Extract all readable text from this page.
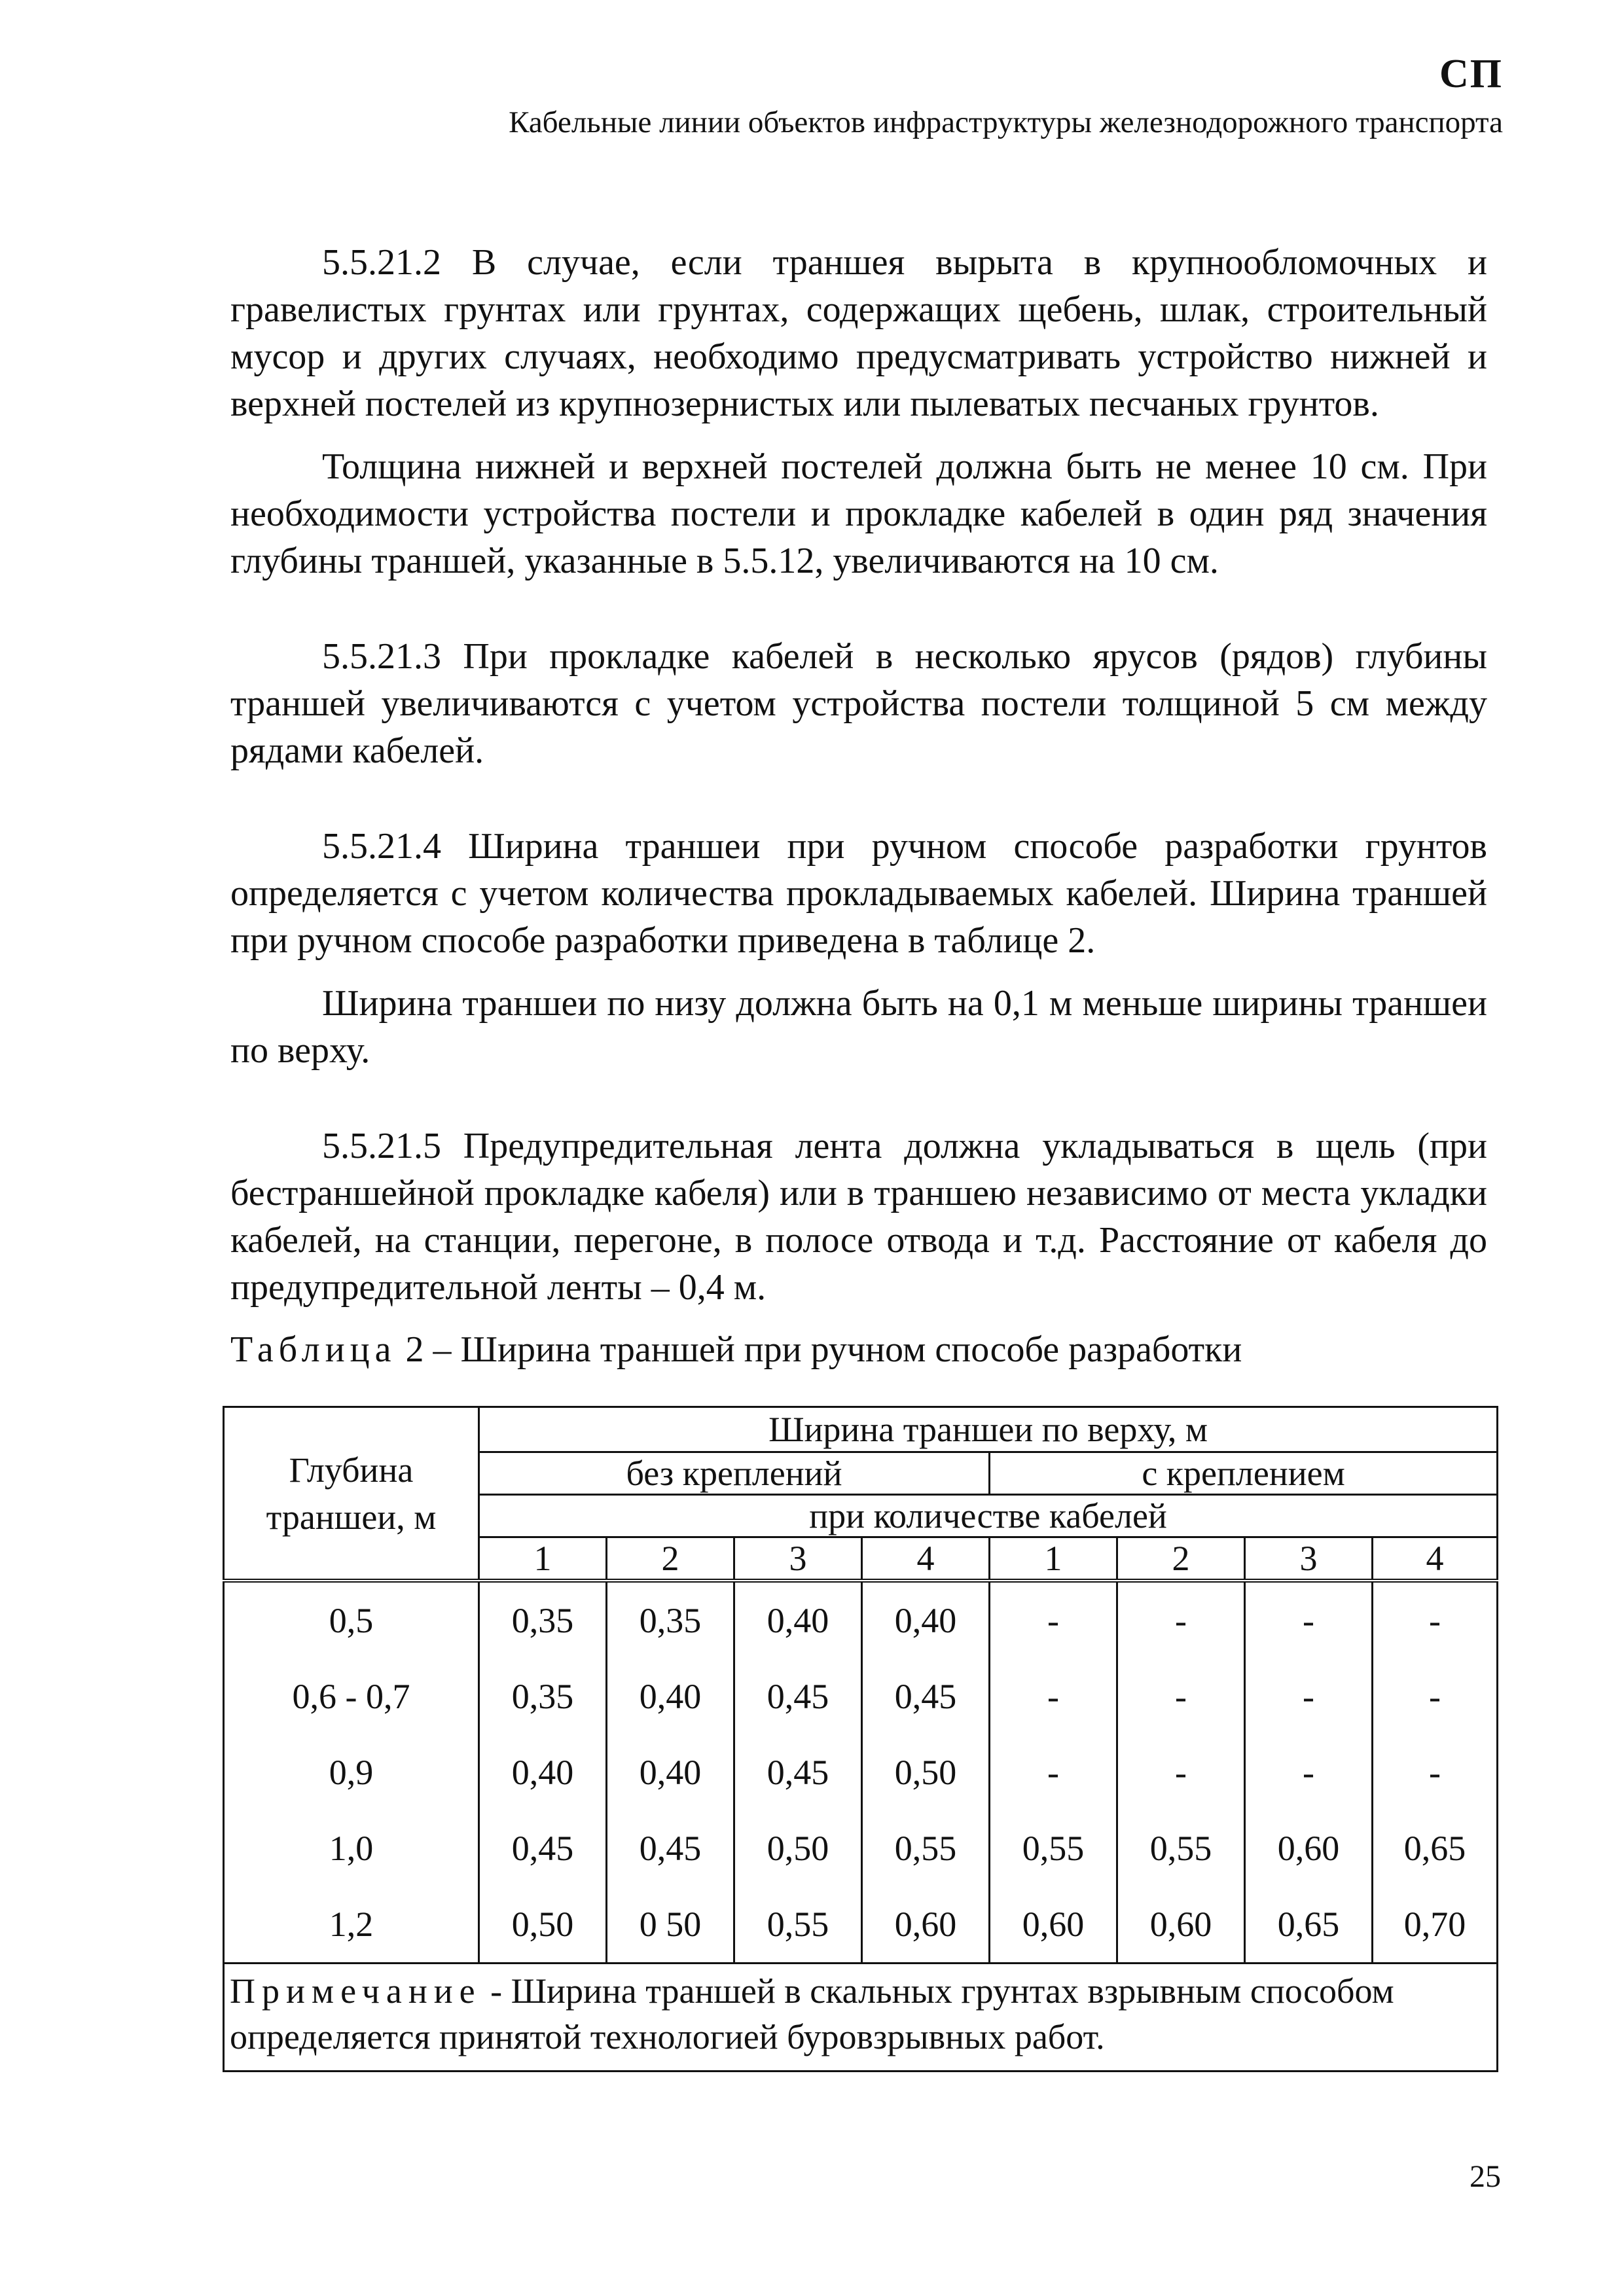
СП
Кабельные линии объектов инфраструктуры железнодорожного транспорта

5.5.21.2 В случае, если траншея вырыта в крупнообломочных и гравелистых грунтах или грунтах, содержащих щебень, шлак, строительный мусор и других случаях, необходимо предусматривать устройство нижней и верхней постелей из крупнозернистых или пылеватых песчаных грунтов.

Толщина нижней и верхней постелей должна быть не менее 10 см. При необходимости устройства постели и прокладке кабелей в один ряд значения глубины траншей, указанные в 5.5.12, увеличиваются на 10 см.

5.5.21.3 При прокладке кабелей в несколько ярусов (рядов) глубины траншей увеличиваются с учетом устройства постели толщиной 5 см между рядами кабелей.

5.5.21.4 Ширина траншеи при ручном способе разработки грунтов определяется с учетом количества прокладываемых кабелей. Ширина траншей при ручном способе разработки приведена в таблице 2.

Ширина траншеи по низу должна быть на 0,1 м меньше ширины траншеи по верху.

5.5.21.5 Предупредительная лента должна укладываться в щель (при бестраншейной прокладке кабеля) или в траншею независимо от места укладки кабелей, на станции, перегоне, в полосе отвода и т.д. Расстояние от кабеля до предупредительной ленты – 0,4 м.

Таблица 2 – Ширина траншей при ручном способе разработки
Глубина траншеи, м	Ширина траншеи по верху, м							
	без креплений				с креплением			
	при количестве кабелей							
	1	2	3	4	1	2	3	4
0,5	0,35	0,35	0,40	0,40	-	-	-	-
0,6 - 0,7	0,35	0,40	0,45	0,45	-	-	-	-
0,9	0,40	0,40	0,45	0,50	-	-	-	-
1,0	0,45	0,45	0,50	0,55	0,55	0,55	0,60	0,65
1,2	0,50	0 50	0,55	0,60	0,60	0,60	0,65	0,70
Примечание - Ширина траншей в скальных грунтах взрывным способом определяется принятой технологией буровзрывных работ.								
25
